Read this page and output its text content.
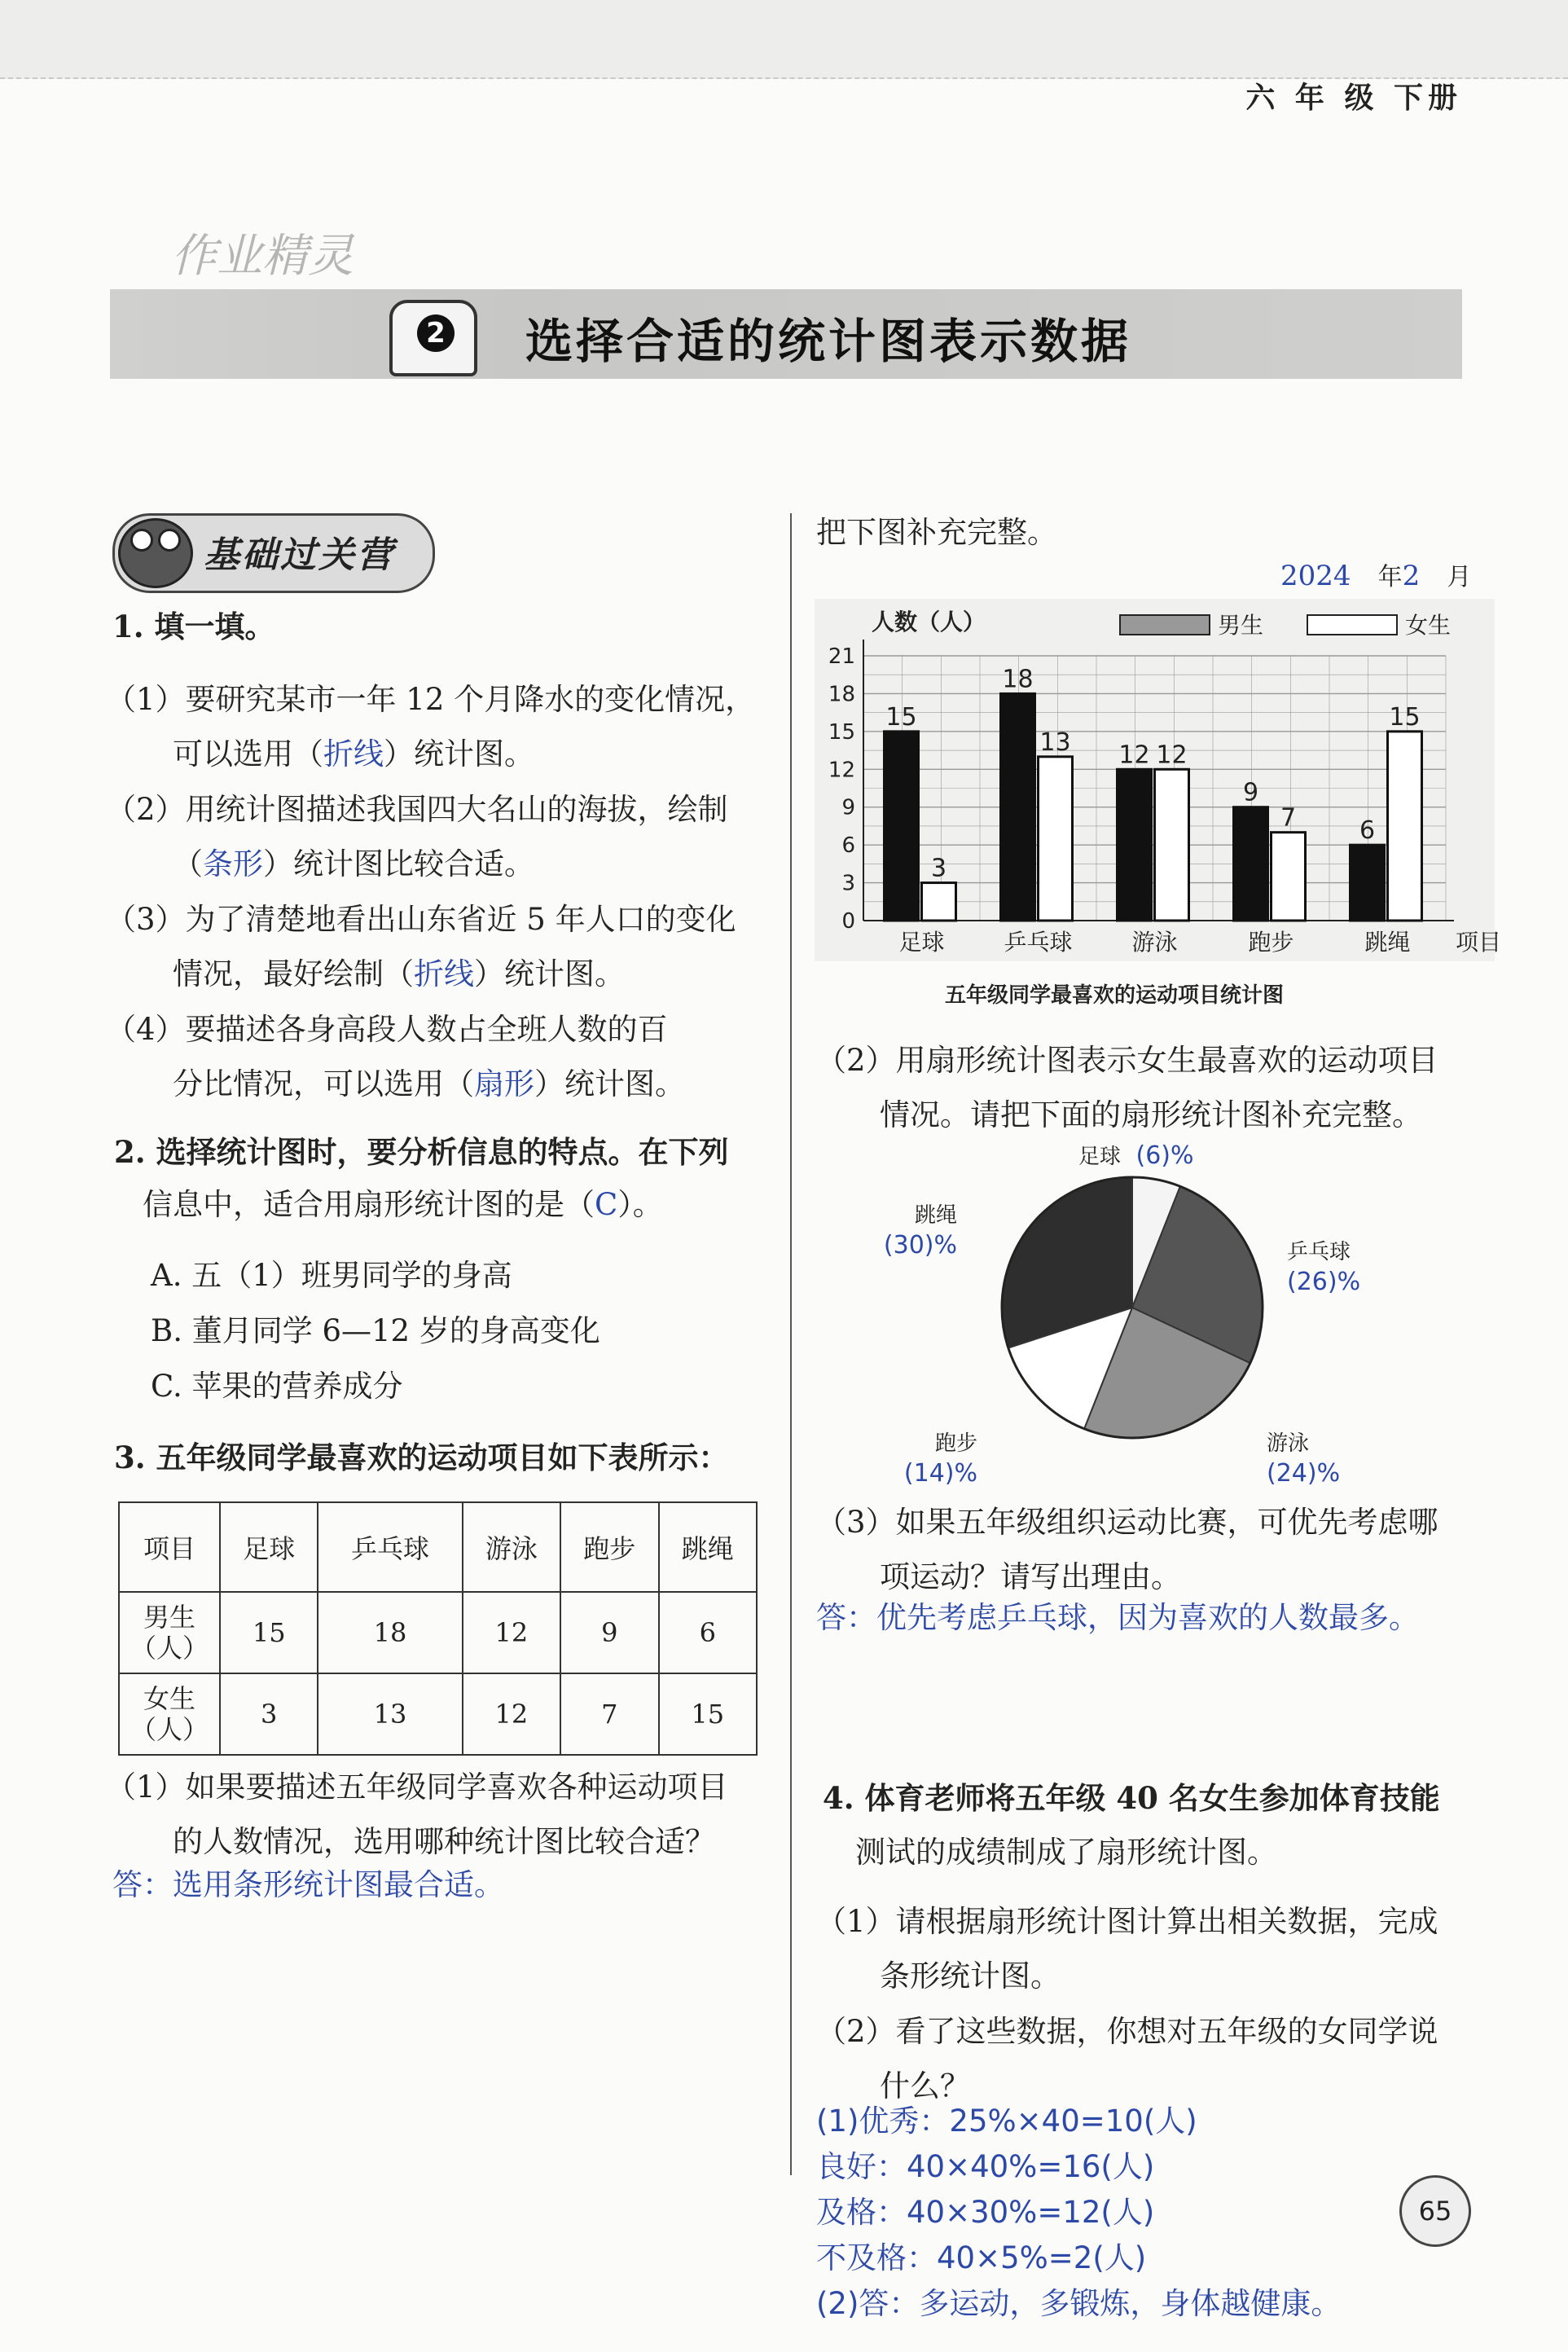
六 年 级 下册
作业精灵
2 选择合适的统计图表示数据
基础过关营
1. 填一填。
（1）要研究某市一年 12 个月降水的变化情况，
可以选用（折线）统计图。
（2）用统计图描述我国四大名山的海拔，绘制
（条形）统计图比较合适。
（3）为了清楚地看出山东省近 5 年人口的变化
情况，最好绘制（折线）统计图。
（4）要描述各身高段人数占全班人数的百
分比情况，可以选用（扇形）统计图。
2. 选择统计图时，要分析信息的特点。在下列
信息中，适合用扇形统计图的是（C）。
A. 五（1）班男同学的身高
B. 董月同学 6—12 岁的身高变化
C. 苹果的营养成分
3. 五年级同学最喜欢的运动项目如下表所示：
项目	足球	乒乓球	游泳	跑步	跳绳
男生（人）	15	18	12	9	6
女生（人）	3	13	12	7	15
（1）如果要描述五年级同学喜欢各种运动项目
的人数情况，选用哪种统计图比较合适？
答：选用条形统计图最合适。
把下图补充完整。
2024 年2 月
0
3
6
9
12
15
18
21
人数（人）	男生	女生
15
3
足球
18
13
乒乓球
12 12
游泳
9
7
跑步
6
15
跳绳 项目
五年级同学最喜欢的运动项目统计图
（2）用扇形统计图表示女生最喜欢的运动项目
情况。请把下面的扇形统计图补充完整。
足球 (6)%
乒乓球
(26)%
游泳
(24)%
跑步
(14)%
跳绳
(30)%
（3）如果五年级组织运动比赛，可优先考虑哪
项运动？请写出理由。
答：优先考虑乒乓球，因为喜欢的人数最多。
4. 体育老师将五年级 40 名女生参加体育技能
测试的成绩制成了扇形统计图。
（1）请根据扇形统计图计算出相关数据，完成
条形统计图。
（2）看了这些数据，你想对五年级的女同学说
什么？
(1)优秀：25%×40=10(人)
良好：40×40%=16(人)
及格：40×30%=12(人)
不及格：40×5%=2(人)
(2)答：多运动，多锻炼，身体越健康。
65
